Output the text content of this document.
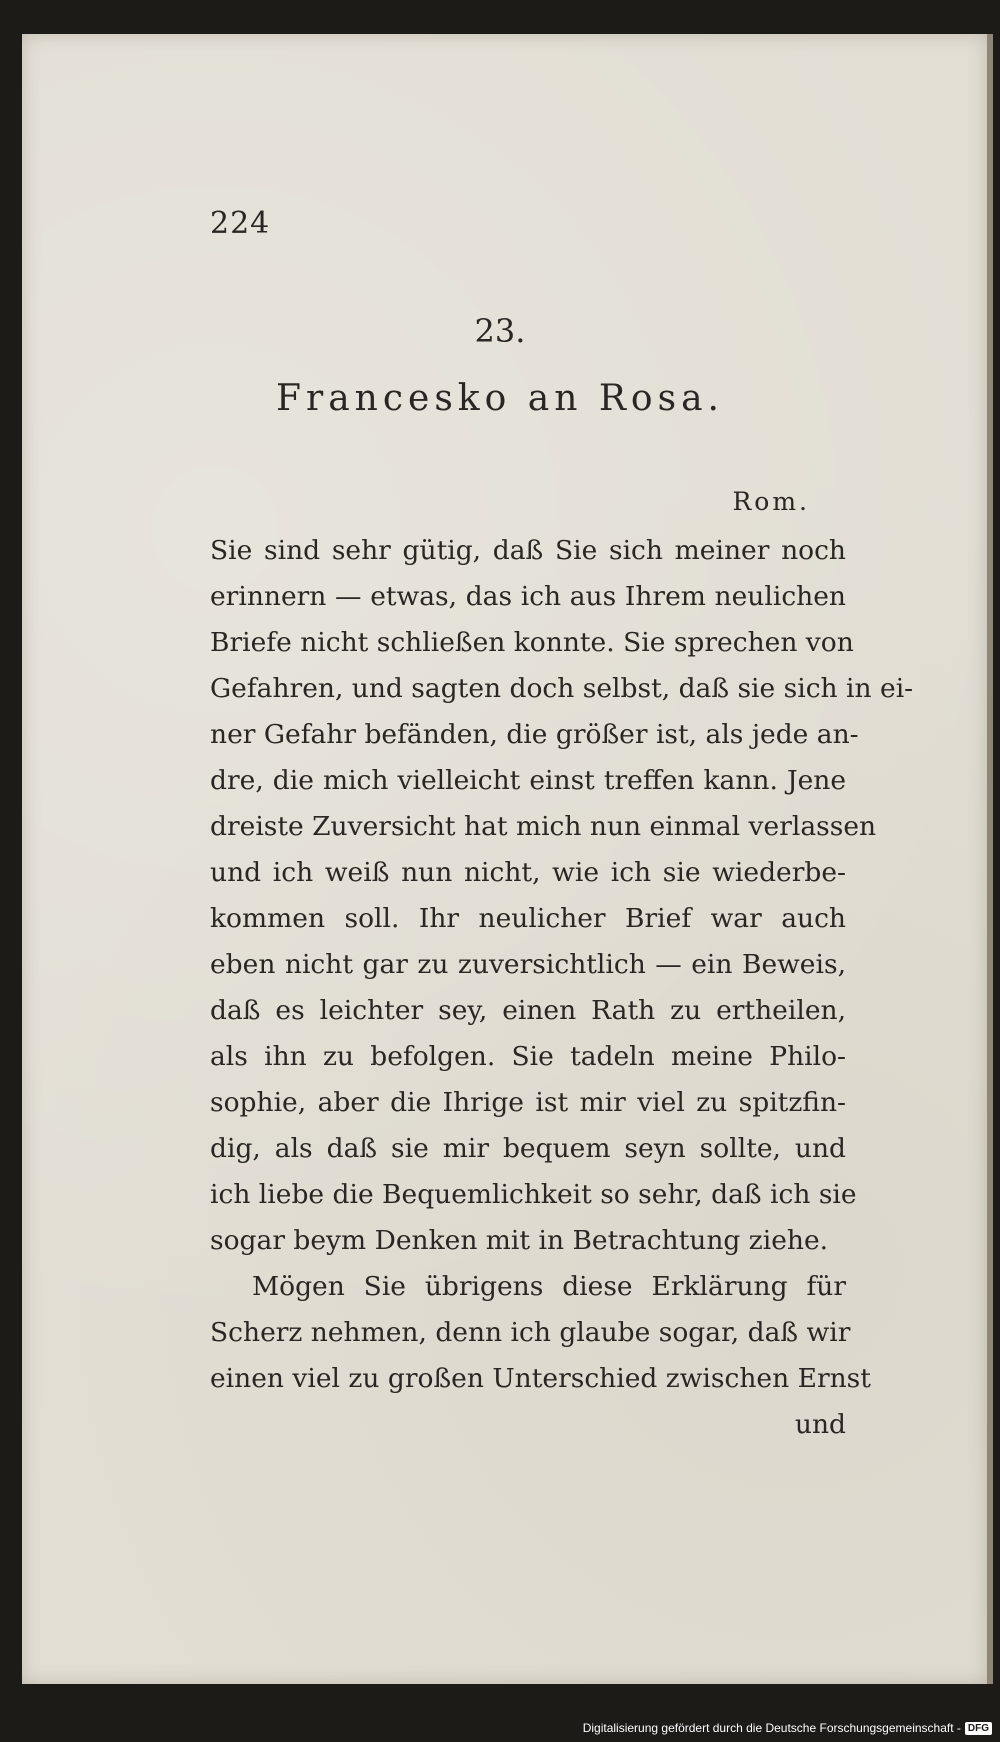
224

23.

Francesko an Rosa.

Rom.

Sie sind sehr gütig, daß Sie sich meiner noch
erinnern — etwas, das ich aus Ihrem neulichen
Briefe nicht schließen konnte. Sie sprechen von
Gefahren, und sagten doch selbst, daß sie sich in ei-
ner Gefahr befänden, die größer ist, als jede an-
dre, die mich vielleicht einst treffen kann. Jene
dreiste Zuversicht hat mich nun einmal verlassen
und ich weiß nun nicht, wie ich sie wiederbe-
kommen soll. Ihr neulicher Brief war auch
eben nicht gar zu zuversichtlich — ein Beweis,
daß es leichter sey, einen Rath zu ertheilen,
als ihn zu befolgen. Sie tadeln meine Philo-
sophie, aber die Ihrige ist mir viel zu spitzfin-
dig, als daß sie mir bequem seyn sollte, und
ich liebe die Bequemlichkeit so sehr, daß ich sie
sogar beym Denken mit in Betrachtung ziehe.
Mögen Sie übrigens diese Erklärung für
Scherz nehmen, denn ich glaube sogar, daß wir
einen viel zu großen Unterschied zwischen Ernst
und
Digitalisierung gefördert durch die Deutsche Forschungsgemeinschaft - DFG
